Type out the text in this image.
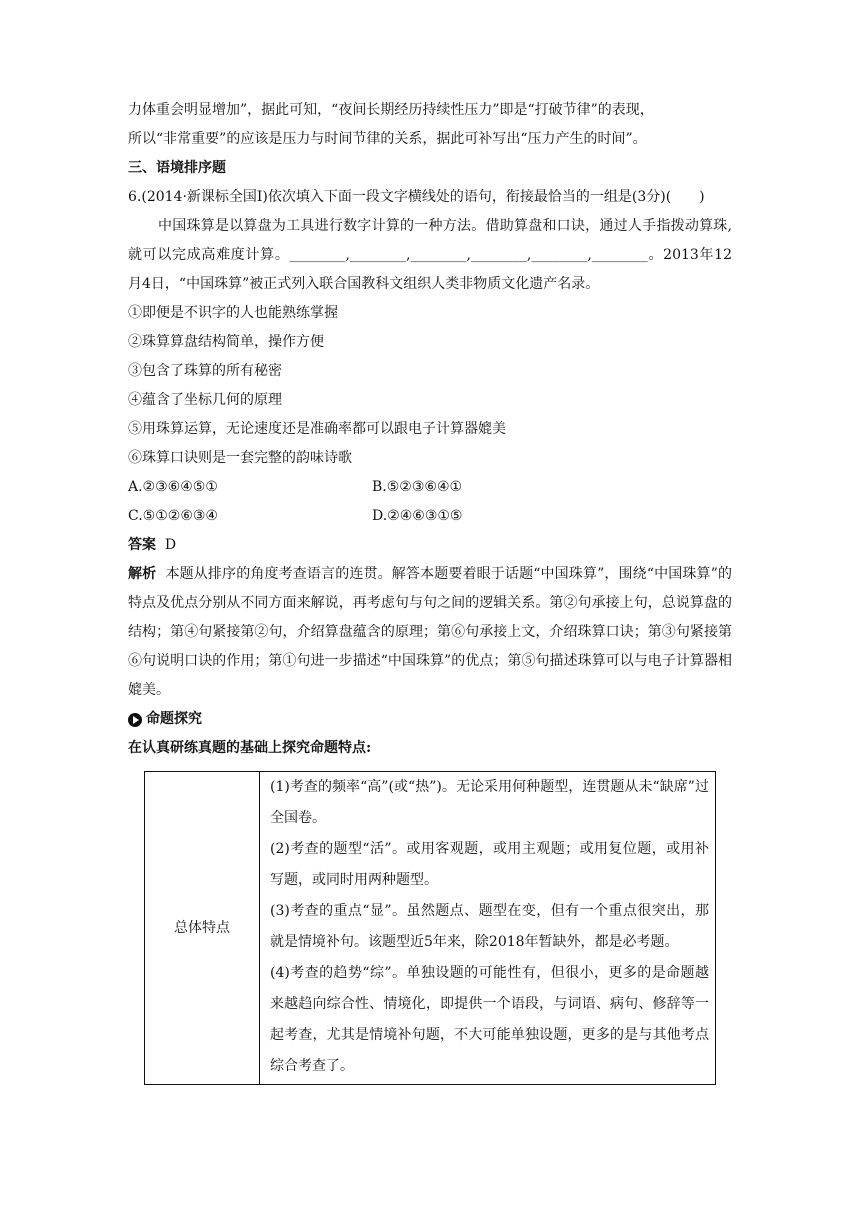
力体重会明显增加”，据此可知，“夜间长期经历持续性压力”即是“打破节律”的表现，

所以“非常重要”的应该是压力与时间节律的关系，据此可补写出“压力产生的时间”。

三、语境排序题

6.(2014·新课标全国Ⅰ)依次填入下面一段文字横线处的语句，衔接最恰当的一组是(3分)(　　)

中国珠算是以算盘为工具进行数字计算的一种方法。借助算盘和口诀，通过人手指拨动算珠,就可以完成高难度计算。________,________,________,________,________,________。2013年12月4日，“中国珠算”被正式列入联合国教科文组织人类非物质文化遗产名录。

①即便是不识字的人也能熟练掌握

②珠算算盘结构简单，操作方便

③包含了珠算的所有秘密

④蕴含了坐标几何的原理

⑤用珠算运算，无论速度还是准确率都可以跟电子计算器媲美

⑥珠算口诀则是一套完整的韵味诗歌

A.②③⑥④⑤①	B.⑤②③⑥④①
C.⑤①②⑥③④	D.②④⑥③①⑤

答案 D

解析 本题从排序的角度考查语言的连贯。解答本题要着眼于话题“中国珠算”，围绕“中国珠算”的特点及优点分别从不同方面来解说，再考虑句与句之间的逻辑关系。第②句承接上句，总说算盘的结构；第④句紧接第②句，介绍算盘蕴含的原理；第⑥句承接上文，介绍珠算口诀；第③句紧接第⑥句说明口诀的作用；第①句进一步描述“中国珠算”的优点；第⑤句描述珠算可以与电子计算器相媲美。

命题探究

在认真研练真题的基础上探究命题特点:

总体特点	
(1)考查的频率“高”(或“热”)。无论采用何种题型，连贯题从未“缺席”过全国卷。
(2)考查的题型“活”。或用客观题，或用主观题；或用复位题，或用补写题，或同时用两种题型。
(3)考查的重点“显”。虽然题点、题型在变，但有一个重点很突出，那就是情境补句。该题型近5年来，除2018年暂缺外，都是必考题。
(4)考查的趋势“综”。单独设题的可能性有，但很小，更多的是命题越来越趋向综合性、情境化，即提供一个语段，与词语、病句、修辞等一起考查，尤其是情境补句题，不大可能单独设题，更多的是与其他考点综合考查了。
